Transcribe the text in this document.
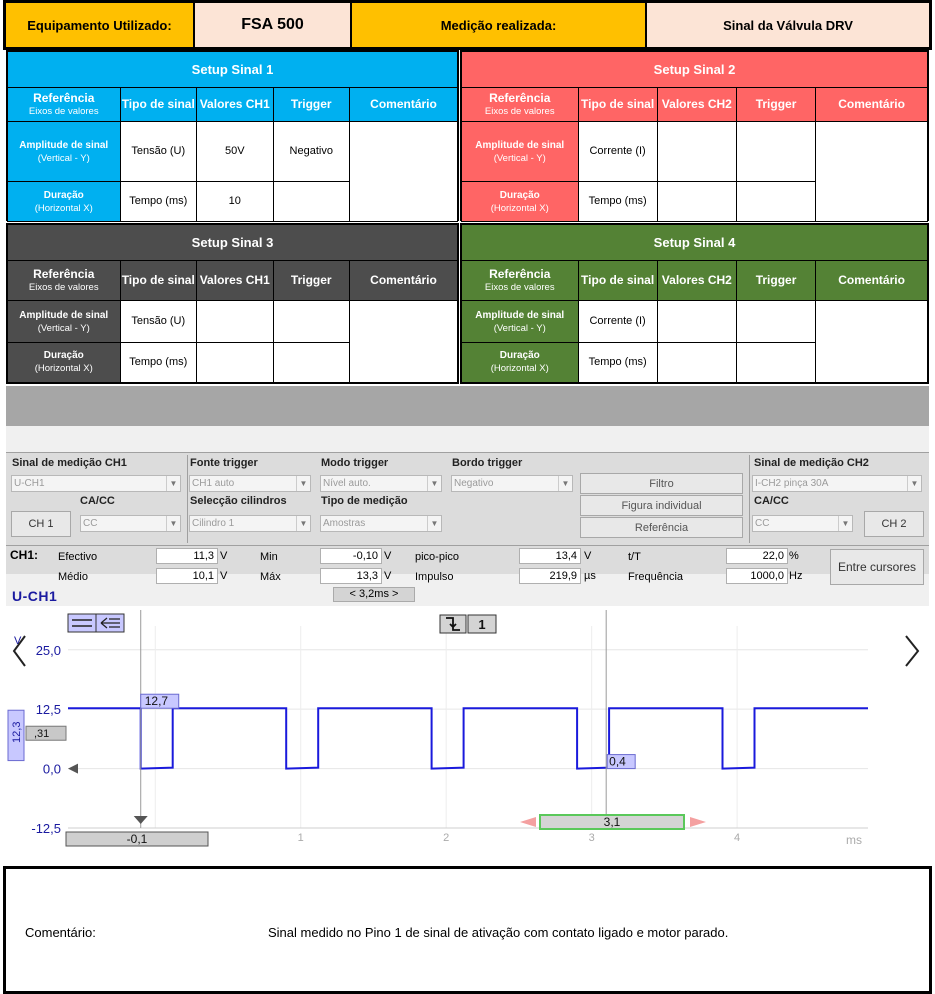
Equipamento Utilizado:	FSA 500	Medição realizada:	Sinal da Válvula DRV
Setup Sinal 1				

Referência
Eixos de valores	Tipo de sinal	Valores CH1	Trigger	Comentário
Amplitude de sinal
(Vertical - Y)	Tensão (U)	50V	Negativo	
Duração
(Horizontal X)	Tempo (ms)	10		
Setup Sinal 2				

Referência
Eixos de valores	Tipo de sinal	Valores CH2	Trigger	Comentário
Amplitude de sinal
(Vertical - Y)	Corrente (I)			
Duração
(Horizontal X)	Tempo (ms)			
Setup Sinal 3				

Referência
Eixos de valores	Tipo de sinal	Valores CH1	Trigger	Comentário
Amplitude de sinal
(Vertical - Y)	Tensão (U)			
Duração
(Horizontal X)	Tempo (ms)			
Setup Sinal 4				

Referência
Eixos de valores	Tipo de sinal	Valores CH2	Trigger	Comentário
Amplitude de sinal
(Vertical - Y)	Corrente (I)			
Duração
(Horizontal X)	Tempo (ms)			
Sinal de medição CH1
U-CH1	▼
CA/CC
CH 1	CC	▼
Fonte trigger
CH1 auto	▼
Selecção cilindros
Cilindro 1	▼
Modo trigger
Nível auto.	▼
Tipo de medição
Amostras	▼
Bordo trigger
Negativo	▼	Filtro
Figura individual
Referência
Sinal de medição CH2
I-CH2 pinça 30A	▼
CA/CC
CC	▼	CH 2
CH1: Efectivo	11,3 V
Médio	10,1 V
Min	-0,10 V
Máx	13,3 V
pico-pico	13,4 V
Impulso	219,9 µs
t/T	22,0 %
Frequência	1000,0 Hz
Entre cursores
U-CH1	< 3,2ms >
25,0
12,5
0,0
-12,5
1	2	3	4
V
ms
1
12,3 ,31
12,7
0,4
-0,1
3,1
Comentário:	Sinal medido no Pino 1 de sinal de ativação com contato ligado e motor parado.
